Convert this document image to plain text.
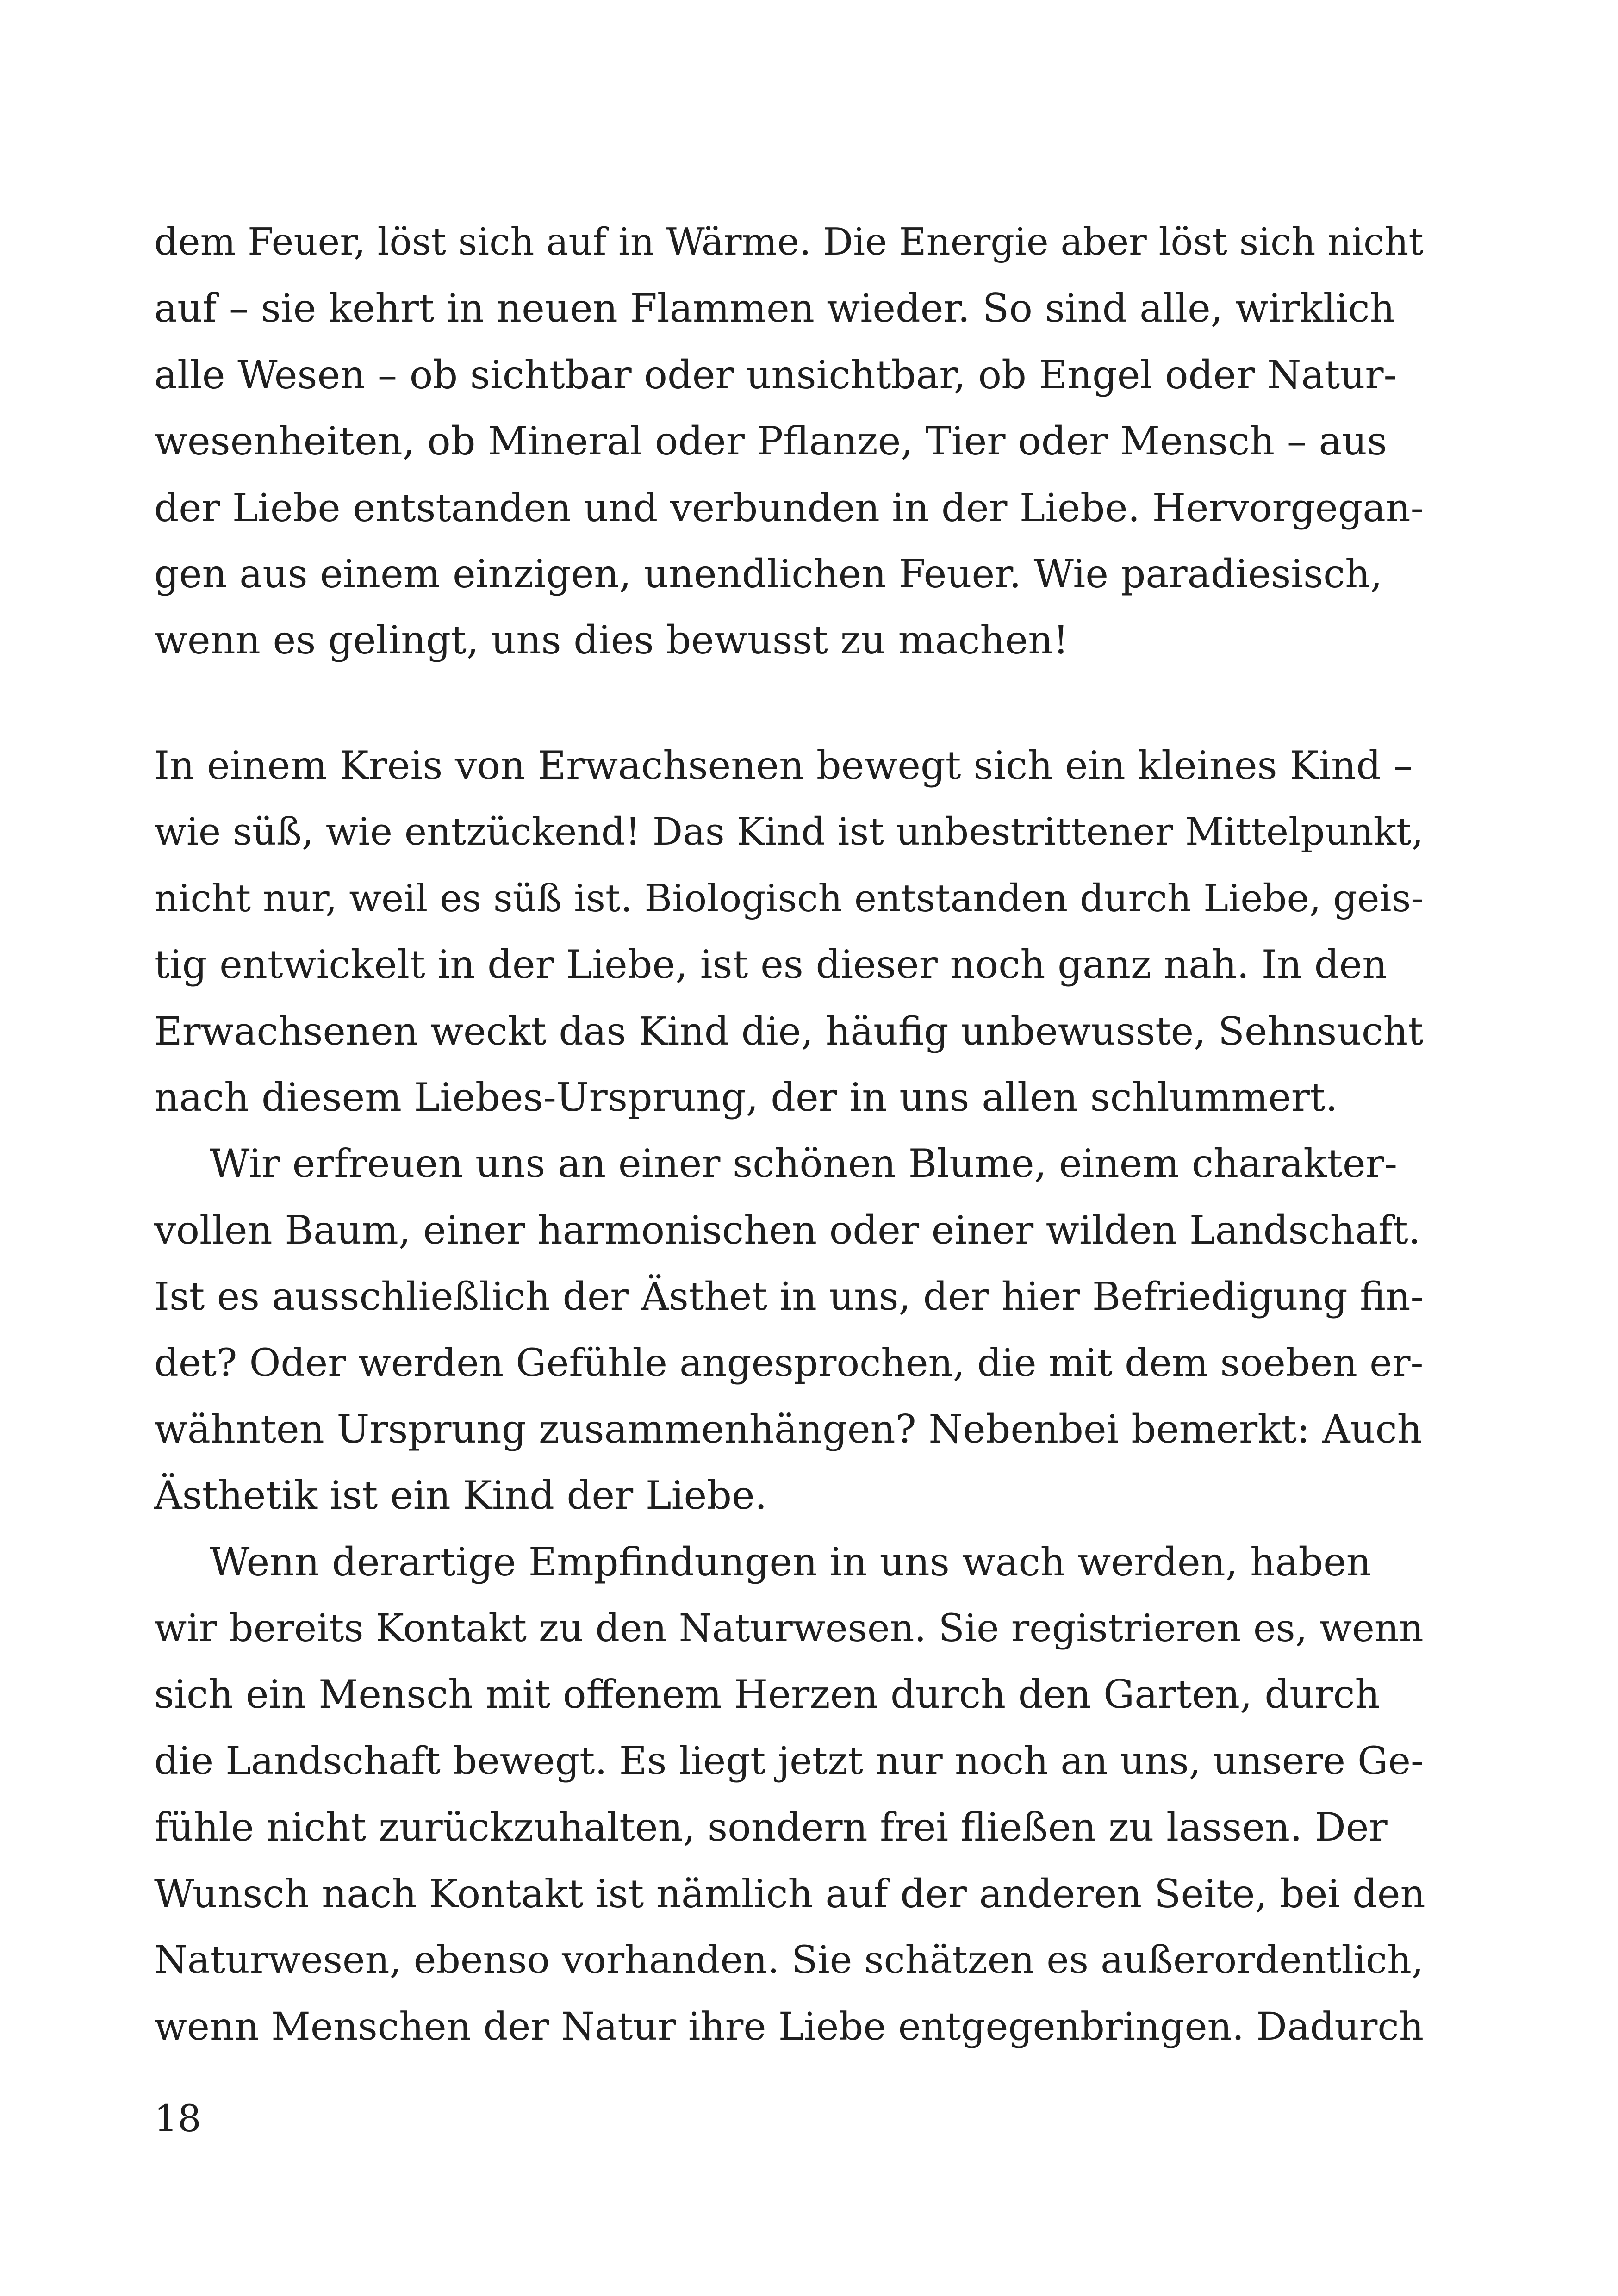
dem Feuer, löst sich auf in Wärme. Die Energie aber löst sich nicht
auf – sie kehrt in neuen Flammen wieder. So sind alle, wirklich
alle Wesen – ob sichtbar oder unsichtbar, ob Engel oder Natur-
wesenheiten, ob Mineral oder Pflanze, Tier oder Mensch – aus
der Liebe entstanden und verbunden in der Liebe. Hervorgegan-
gen aus einem einzigen, unendlichen Feuer. Wie paradiesisch,
wenn es gelingt, uns dies bewusst zu machen!
In einem Kreis von Erwachsenen bewegt sich ein kleines Kind –
wie süß, wie entzückend! Das Kind ist unbestrittener Mittelpunkt,
nicht nur, weil es süß ist. Biologisch entstanden durch Liebe, geis-
tig entwickelt in der Liebe, ist es dieser noch ganz nah. In den
Erwachsenen weckt das Kind die, häufig unbewusste, Sehnsucht
nach diesem Liebes-Ursprung, der in uns allen schlummert.
Wir erfreuen uns an einer schönen Blume, einem charakter-
vollen Baum, einer harmonischen oder einer wilden Landschaft.
Ist es ausschließlich der Ästhet in uns, der hier Befriedigung fin-
det? Oder werden Gefühle angesprochen, die mit dem soeben er-
wähnten Ursprung zusammenhängen? Nebenbei bemerkt: Auch
Ästhetik ist ein Kind der Liebe.
Wenn derartige Empfindungen in uns wach werden, haben
wir bereits Kontakt zu den Naturwesen. Sie registrieren es, wenn
sich ein Mensch mit offenem Herzen durch den Garten, durch
die Landschaft bewegt. Es liegt jetzt nur noch an uns, unsere Ge-
fühle nicht zurückzuhalten, sondern frei fließen zu lassen. Der
Wunsch nach Kontakt ist nämlich auf der anderen Seite, bei den
Naturwesen, ebenso vorhanden. Sie schätzen es außerordentlich,
wenn Menschen der Natur ihre Liebe entgegenbringen. Dadurch
18
